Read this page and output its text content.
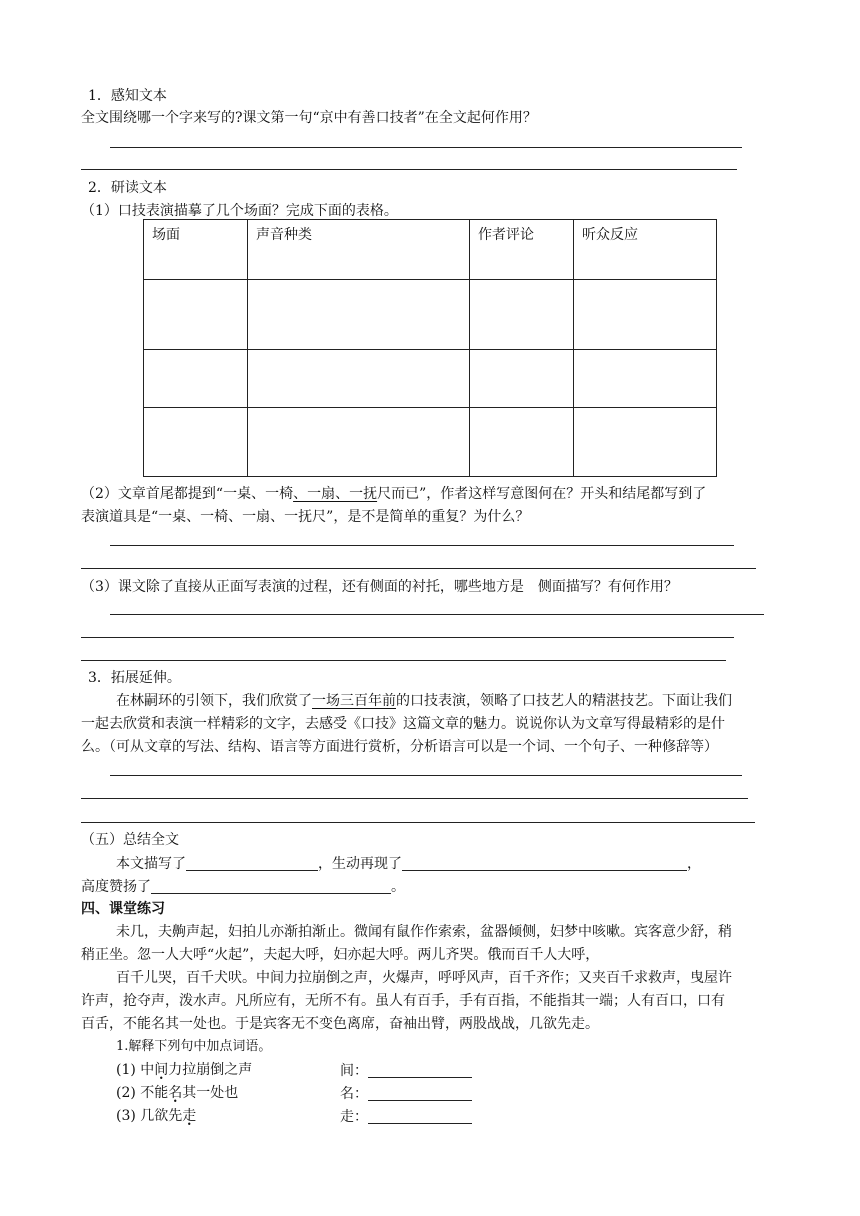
1．感知文本
全文围绕哪一个字来写的?课文第一句“京中有善口技者”在全文起何作用？
2．研读文本
（1）口技表演描摹了几个场面？完成下面的表格。
场面	声音种类	作者评论	听众反应

（2）文章首尾都提到“一桌、一椅、一扇、一抚尺而已”，作者这样写意图何在？开头和结尾都写到了
表演道具是“一桌、一椅、一扇、一抚尺”，是不是简单的重复？为什么？
（3）课文除了直接从正面写表演的过程，还有侧面的衬托，哪些地方是　侧面描写？有何作用？
3．拓展延伸。
在林嗣环的引领下，我们欣赏了一场三百年前的口技表演，领略了口技艺人的精湛技艺。下面让我们
一起去欣赏和表演一样精彩的文字，去感受《口技》这篇文章的魅力。说说你认为文章写得最精彩的是什
么。（可从文章的写法、结构、语言等方面进行赏析，分析语言可以是一个词、一个句子、一种修辞等）
（五）总结全文
本文描写了	，生动再现了	，
高度赞扬了	。
四、课堂练习
未几，夫齁声起，妇拍儿亦渐拍渐止。微闻有鼠作作索索，盆器倾侧，妇梦中咳嗽。宾客意少舒，稍
稍正坐。忽一人大呼“火起”，夫起大呼，妇亦起大呼。两儿齐哭。俄而百千人大呼，
百千儿哭，百千犬吠。中间力拉崩倒之声，火爆声，呼呼风声，百千齐作；又夹百千求救声，曳屋许
许声，抢夺声，泼水声。凡所应有，无所不有。虽人有百手，手有百指，不能指其一端；人有百口，口有
百舌，不能名其一处也。于是宾客无不变色离席，奋袖出臂，两股战战，几欲先走。
1.解释下列句中加点词语。
(1) 中间力拉崩倒之声	间：
(2) 不能名其一处也	名：
(3) 几欲先走	走：
